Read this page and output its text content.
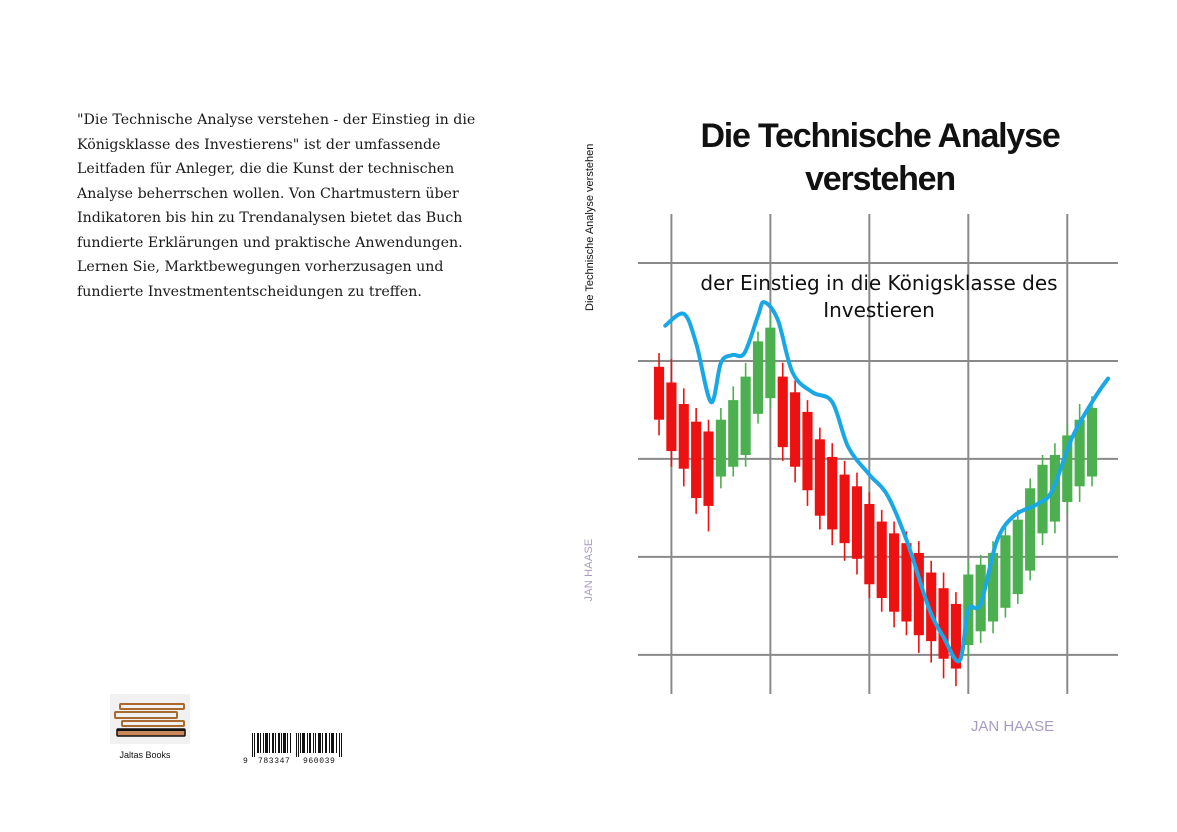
"Die Technische Analyse verstehen - der Einstieg in die Königsklasse des Investierens" ist der umfassende Leitfaden für Anleger, die die Kunst der technischen Analyse beherrschen wollen. Von Chartmustern über Indikatoren bis hin zu Trendanalysen bietet das Buch fundierte Erklärungen und praktische Anwendungen. Lernen Sie, Marktbewegungen vorherzusagen und fundierte Investmententscheidungen zu treffen.

Jaltas Books
9 783347 960039
Die Technische Analyse verstehen
JAN HAASE
Die Technische Analyse
verstehen

der Einstieg in die Königsklasse des
Investieren

JAN HAASE
